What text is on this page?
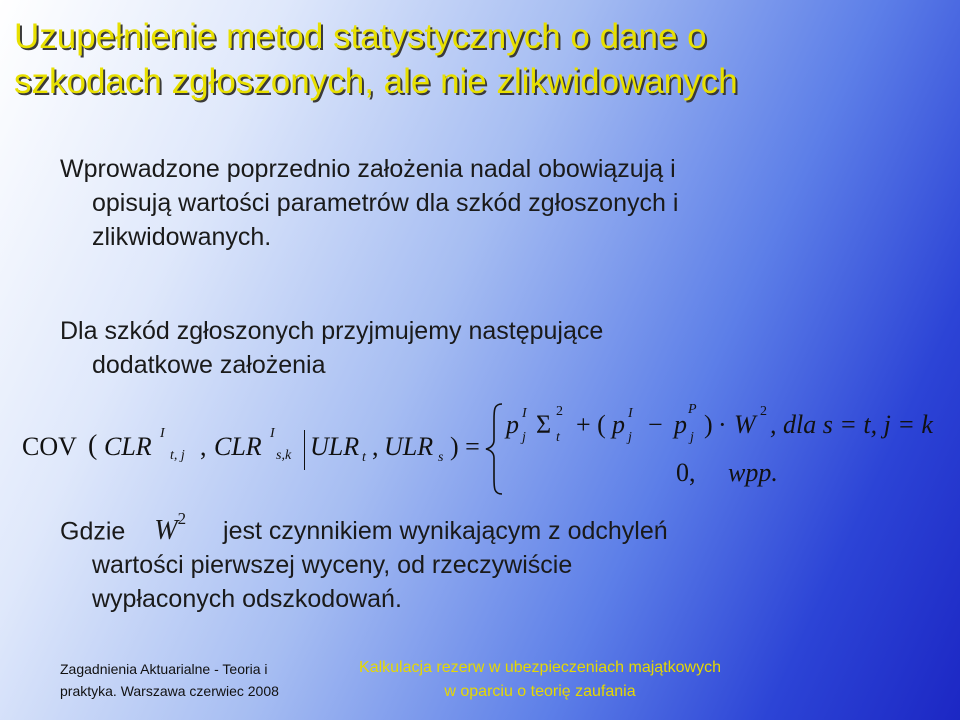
Uzupełnienie metod statystycznych o dane o
szkodach zgłoszonych, ale nie zlikwidowanych
Wprowadzone poprzednio założenia nadal obowiązują i
opisują wartości parametrów dla szkód zgłoszonych i
zlikwidowanych.
Dla szkód zgłoszonych przyjmujemy następujące
dodatkowe założenia
COV ( CLR I
t, j , CLR I
s,k ULR t , ULR s ) =
p I
j Σ 2
t + ( p I
j − p
P
j ) · W 2 , dla s = t, j = k
0, wpp.
Gdzie $W^2$ jest czynnikiem wynikającym z odchyleń
wartości pierwszej wyceny, od rzeczywiście
wypłaconych odszkodowań.
Zagadnienia Aktuarialne - Teoria i
praktyka. Warszawa czerwiec 2008
Kalkulacja rezerw w ubezpieczeniach majątkowych
w oparciu o teorię zaufania
